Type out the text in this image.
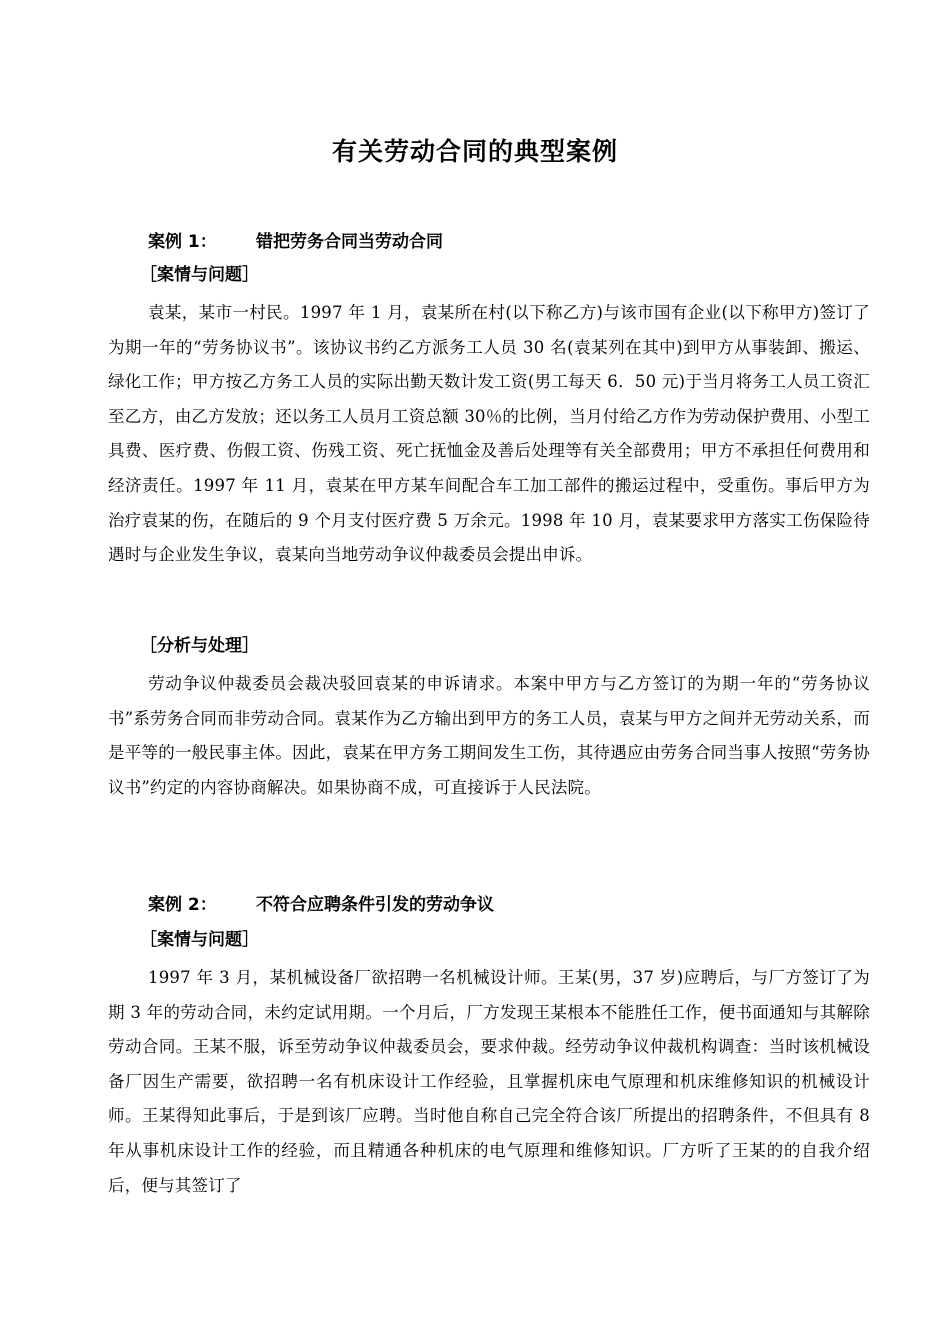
有关劳动合同的典型案例
案例 1： 错把劳务合同当劳动合同
［案情与问题］

袁某，某市一村民。1997 年 1 月，袁某所在村(以下称乙方)与该市国有企业(以下称甲方)签订了为期一年的“劳务协议书”。该协议书约乙方派务工人员 30 名(袁某列在其中)到甲方从事装卸、搬运、绿化工作；甲方按乙方务工人员的实际出勤天数计发工资(男工每天 6．50 元)于当月将务工人员工资汇至乙方，由乙方发放；还以务工人员月工资总额 30％的比例，当月付给乙方作为劳动保护费用、小型工具费、医疗费、伤假工资、伤残工资、死亡抚恤金及善后处理等有关全部费用；甲方不承担任何费用和经济责任。1997 年 11 月，袁某在甲方某车间配合车工加工部件的搬运过程中，受重伤。事后甲方为治疗袁某的伤，在随后的 9 个月支付医疗费 5 万余元。1998 年 10 月，袁某要求甲方落实工伤保险待遇时与企业发生争议，袁某向当地劳动争议仲裁委员会提出申诉。

［分析与处理］

劳动争议仲裁委员会裁决驳回袁某的申诉请求。本案中甲方与乙方签订的为期一年的“劳务协议书”系劳务合同而非劳动合同。袁某作为乙方输出到甲方的务工人员，袁某与甲方之间并无劳动关系，而是平等的一般民事主体。因此，袁某在甲方务工期间发生工伤，其待遇应由劳务合同当事人按照“劳务协议书”约定的内容协商解决。如果协商不成，可直接诉于人民法院。

案例 2： 不符合应聘条件引发的劳动争议
［案情与问题］

1997 年 3 月，某机械设备厂欲招聘一名机械设计师。王某(男，37 岁)应聘后，与厂方签订了为期 3 年的劳动合同，未约定试用期。一个月后，厂方发现王某根本不能胜任工作，便书面通知与其解除劳动合同。王某不服，诉至劳动争议仲裁委员会，要求仲裁。经劳动争议仲裁机构调查：当时该机械设备厂因生产需要，欲招聘一名有机床设计工作经验，且掌握机床电气原理和机床维修知识的机械设计师。王某得知此事后，于是到该厂应聘。当时他自称自己完全符合该厂所提出的招聘条件，不但具有 8 年从事机床设计工作的经验，而且精通各种机床的电气原理和维修知识。厂方听了王某的的自我介绍后，便与其签订了
